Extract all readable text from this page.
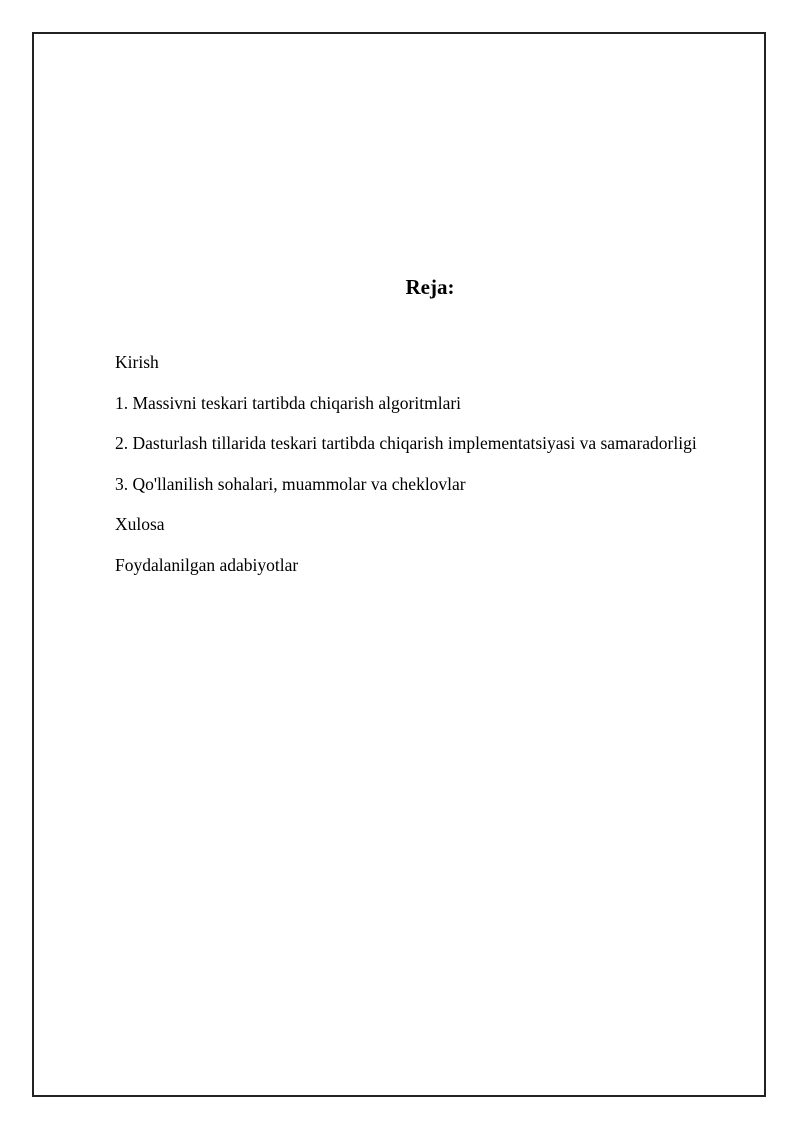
Reja:
Kirish
1. Massivni teskari tartibda chiqarish algoritmlari
2. Dasturlash tillarida teskari tartibda chiqarish implementatsiyasi va samaradorligi
3. Qo'llanilish sohalari, muammolar va cheklovlar
Xulosa
Foydalanilgan adabiyotlar
